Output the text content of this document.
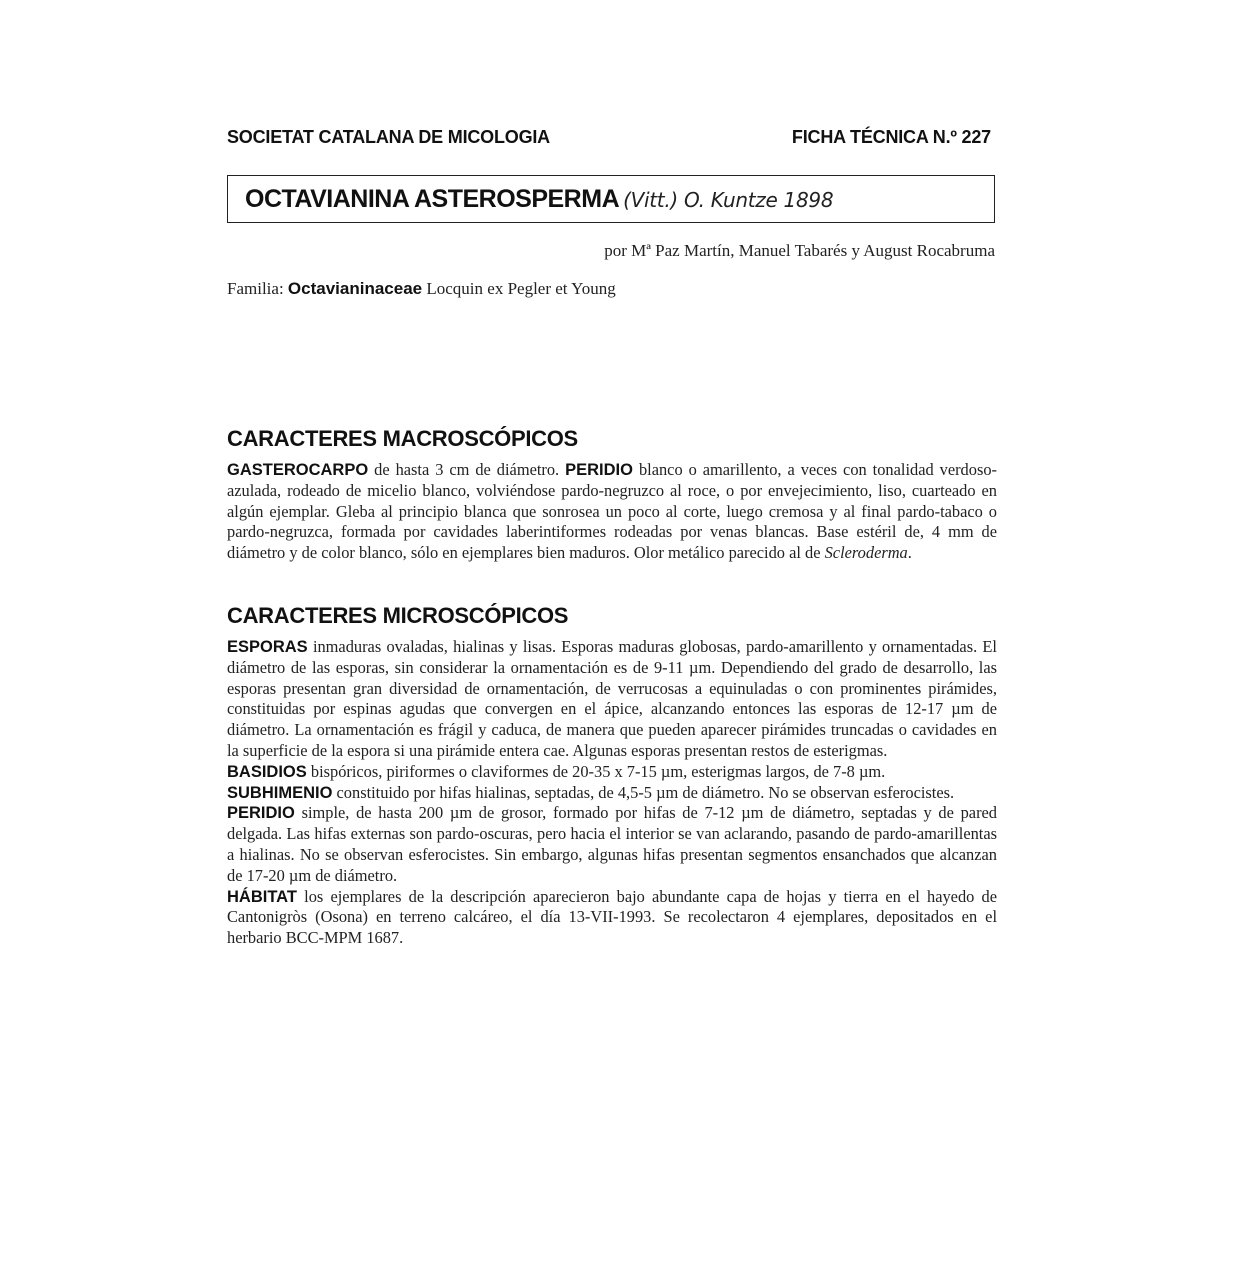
SOCIETAT CATALANA DE MICOLOGIA	FICHA TÉCNICA N.º 227
OCTAVIANINA ASTEROSPERMA (Vitt.) O. Kuntze 1898
por Mª Paz Martín, Manuel Tabarés y August Rocabruma
Familia: Octavianinaceae Locquin ex Pegler et Young
CARACTERES MACROSCÓPICOS

GASTEROCARPO de hasta 3 cm de diámetro. PERIDIO blanco o amarillento, a veces con tonalidad verdoso-azulada, rodeado de micelio blanco, volviéndose pardo-negruzco al roce, o por envejecimiento, liso, cuarteado en algún ejemplar. Gleba al principio blanca que sonrosea un poco al corte, luego cremosa y al final pardo-tabaco o pardo-negruzca, formada por cavidades laberintiformes rodeadas por venas blancas. Base estéril de, 4 mm de diámetro y de color blanco, sólo en ejemplares bien maduros. Olor metálico parecido al de Scleroderma.

CARACTERES MICROSCÓPICOS

ESPORAS inmaduras ovaladas, hialinas y lisas. Esporas maduras globosas, pardo-amarillento y ornamentadas. El diámetro de las esporas, sin considerar la ornamentación es de 9-11 µm. Dependiendo del grado de desarrollo, las esporas presentan gran diversidad de ornamentación, de verrucosas a equinuladas o con prominentes pirámides, constituidas por espinas agudas que convergen en el ápice, alcanzando entonces las esporas de 12-17 µm de diámetro. La ornamentación es frágil y caduca, de manera que pueden aparecer pirámides truncadas o cavidades en la superficie de la espora si una pirámide entera cae. Algunas esporas presentan restos de esterigmas.

BASIDIOS bispóricos, piriformes o claviformes de 20-35 x 7-15 µm, esterigmas largos, de 7-8 µm.

SUBHIMENIO constituido por hifas hialinas, septadas, de 4,5-5 µm de diámetro. No se observan esferocistes.

PERIDIO simple, de hasta 200 µm de grosor, formado por hifas de 7-12 µm de diámetro, septadas y de pared delgada. Las hifas externas son pardo-oscuras, pero hacia el interior se van aclarando, pasando de pardo-amarillentas a hialinas. No se observan esferocistes. Sin embargo, algunas hifas presentan segmentos ensanchados que alcanzan de 17-20 µm de diámetro.

HÁBITAT los ejemplares de la descripción aparecieron bajo abundante capa de hojas y tierra en el hayedo de Cantonigròs (Osona) en terreno calcáreo, el día 13-VII-1993. Se recolectaron 4 ejemplares, depositados en el herbario BCC-MPM 1687.
